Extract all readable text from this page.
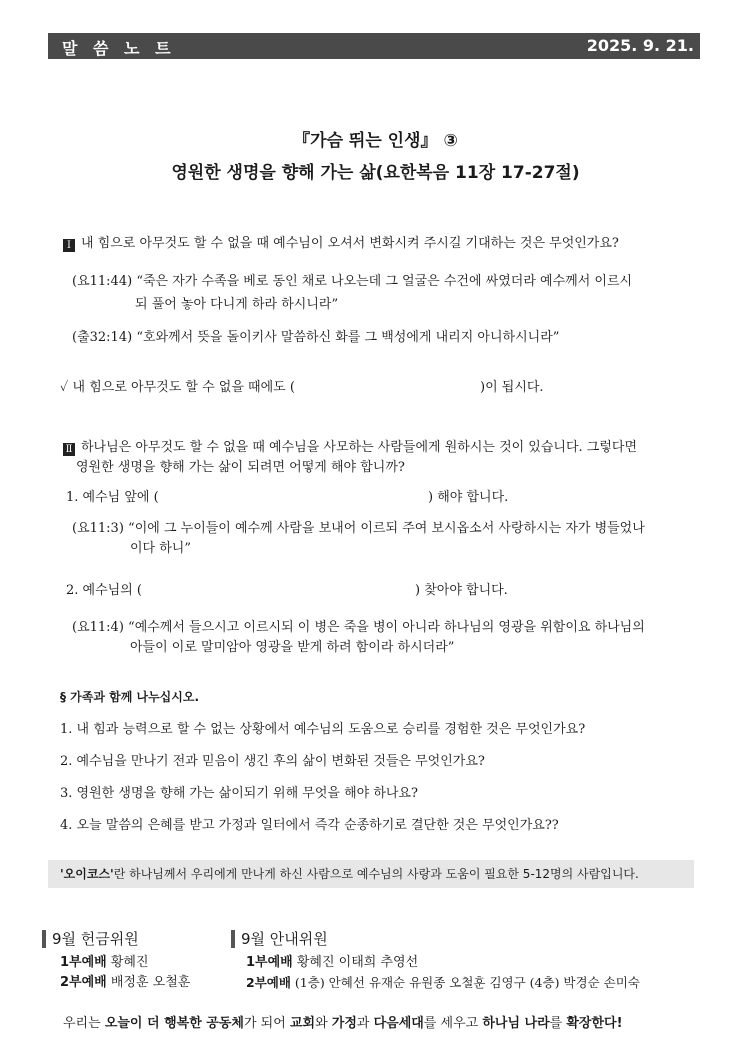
말 씀 노 트	2025. 9. 21.
『가슴 뛰는 인생』 ③
영원한 생명을 향해 가는 삶(요한복음 11장 17-27절)
Ⅰ 내 힘으로 아무것도 할 수 없을 때 예수님이 오셔서 변화시켜 주시길 기대하는 것은 무엇인가요?
(요11:44) “죽은 자가 수족을 베로 동인 채로 나오는데 그 얼굴은 수건에 싸였더라 예수께서 이르시
되 풀어 놓아 다니게 하라 하시니라”
(출32:14) “호와께서 뜻을 돌이키사 말씀하신 화를 그 백성에게 내리지 아니하시니라”
✓ 내 힘으로 아무것도 할 수 없을 때에도 (	)이 됩시다.
Ⅱ 하나님은 아무것도 할 수 없을 때 예수님을 사모하는 사람들에게 원하시는 것이 있습니다. 그렇다면
영원한 생명을 향해 가는 삶이 되려면 어떻게 해야 합니까?
1. 예수님 앞에 (	) 해야 합니다.
(요11:3) “이에 그 누이들이 예수께 사람을 보내어 이르되 주여 보시옵소서 사랑하시는 자가 병들었나
이다 하니”
2. 예수님의 (	) 찾아야 합니다.
(요11:4) “예수께서 들으시고 이르시되 이 병은 죽을 병이 아니라 하나님의 영광을 위함이요 하나님의
아들이 이로 말미암아 영광을 받게 하려 함이라 하시더라”
§ 가족과 함께 나누십시오.
1. 내 힘과 능력으로 할 수 없는 상황에서 예수님의 도움으로 승리를 경험한 것은 무엇인가요?
2. 예수님을 만나기 전과 믿음이 생긴 후의 삶이 변화된 것들은 무엇인가요?
3. 영원한 생명을 향해 가는 삶이되기 위해 무엇을 해야 하나요?
4. 오늘 말씀의 은혜를 받고 가정과 일터에서 즉각 순종하기로 결단한 것은 무엇인가요??
'오이코스'란 하나님께서 우리에게 만나게 하신 사람으로 예수님의 사랑과 도움이 필요한 5-12명의 사람입니다.
9월 헌금위원
1부예배 황혜진
2부예배 배정훈 오철훈
9월 안내위원
1부예배 황혜진 이태희 추영선
2부예배 (1층) 안혜선 유재순 유원종 오철훈 김영구 (4층) 박경순 손미숙
우리는 오늘이 더 행복한 공동체가 되어 교회와 가정과 다음세대를 세우고 하나님 나라를 확장한다!
